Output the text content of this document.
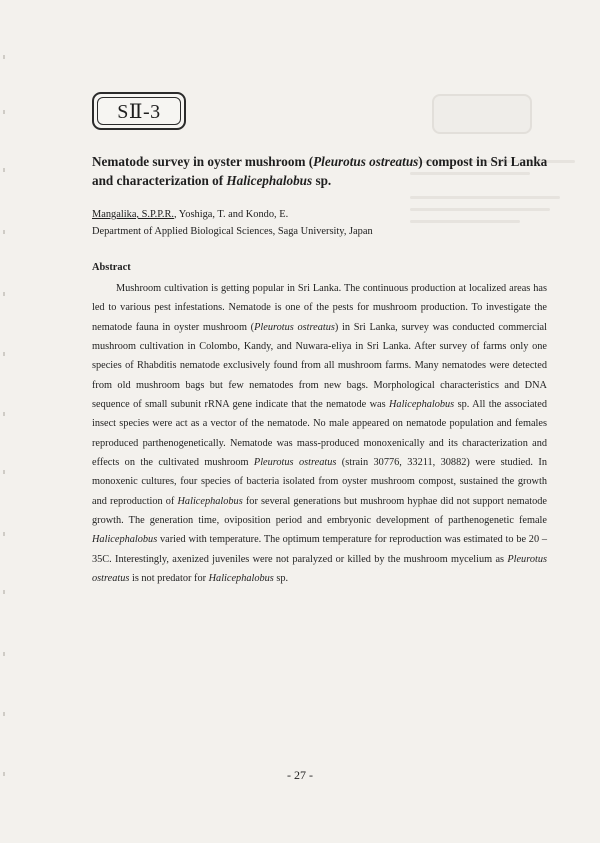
SⅡ-3
Nematode survey in oyster mushroom (Pleurotus ostreatus) compost in Sri Lanka and characterization of Halicephalobus sp.

Mangalika, S.P.P.R., Yoshiga, T. and Kondo, E.

Department of Applied Biological Sciences, Saga University, Japan

Abstract

Mushroom cultivation is getting popular in Sri Lanka. The continuous production at localized areas has led to various pest infestations. Nematode is one of the pests for mushroom production. To investigate the nematode fauna in oyster mushroom (Pleurotus ostreatus) in Sri Lanka, survey was conducted commercial mushroom cultivation in Colombo, Kandy, and Nuwara-eliya in Sri Lanka. After survey of farms only one species of Rhabditis nematode exclusively found from all mushroom farms. Many nematodes were detected from old mushroom bags but few nematodes from new bags. Morphological characteristics and DNA sequence of small subunit rRNA gene indicate that the nematode was Halicephalobus sp. All the associated insect species were act as a vector of the nematode. No male appeared on nematode population and females reproduced parthenogenetically. Nematode was mass-produced monoxenically and its characterization and effects on the cultivated mushroom Pleurotus ostreatus (strain 30776, 33211, 30882) were studied. In monoxenic cultures, four species of bacteria isolated from oyster mushroom compost, sustained the growth and reproduction of Halicephalobus for several generations but mushroom hyphae did not support nematode growth. The generation time, oviposition period and embryonic development of parthenogenetic female Halicephalobus varied with temperature. The optimum temperature for reproduction was estimated to be 20 – 35C. Interestingly, axenized juveniles were not paralyzed or killed by the mushroom mycelium as Pleurotus ostreatus is not predator for Halicephalobus sp.

- 27 -
